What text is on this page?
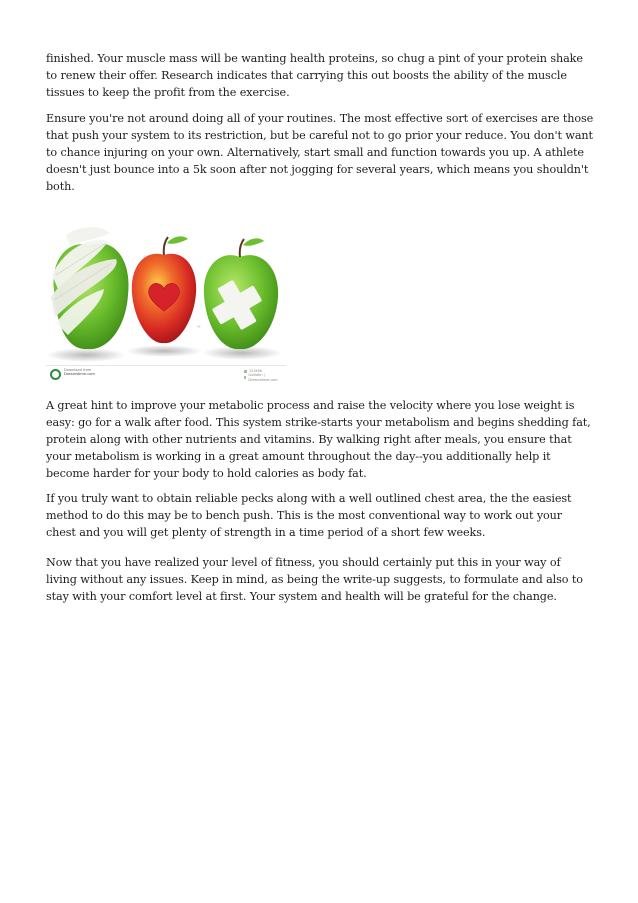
finished. Your muscle mass will be wanting health proteins, so chug a pint of your protein shake to renew their offer. Research indicates that carrying this out boosts the ability of the muscle tissues to keep the profit from the exercise.

Ensure you're not around doing all of your routines. The most effective sort of exercises are those that push your system to its restriction, but be careful not to go prior your reduce. You don't want to chance injuring on your own. Alternatively, start small and function towards you up. A athlete doesn't just bounce into a 5k soon after not jogging for several years, which means you shouldn't both.

✦
Download from
Dreamstime.com
123456
Guillotin | Dreamstime.com

A great hint to improve your metabolic process and raise the velocity where you lose weight is easy: go for a walk after food. This system strike-starts your metabolism and begins shedding fat, protein along with other nutrients and vitamins. By walking right after meals, you ensure that your metabolism is working in a great amount throughout the day--you additionally help it become harder for your body to hold calories as body fat.

If you truly want to obtain reliable pecks along with a well outlined chest area, the the easiest method to do this may be to bench push. This is the most conventional way to work out your chest and you will get plenty of strength in a time period of a short few weeks.

Now that you have realized your level of fitness, you should certainly put this in your way of living without any issues. Keep in mind, as being the write-up suggests, to formulate and also to stay with your comfort level at first. Your system and health will be grateful for the change.
